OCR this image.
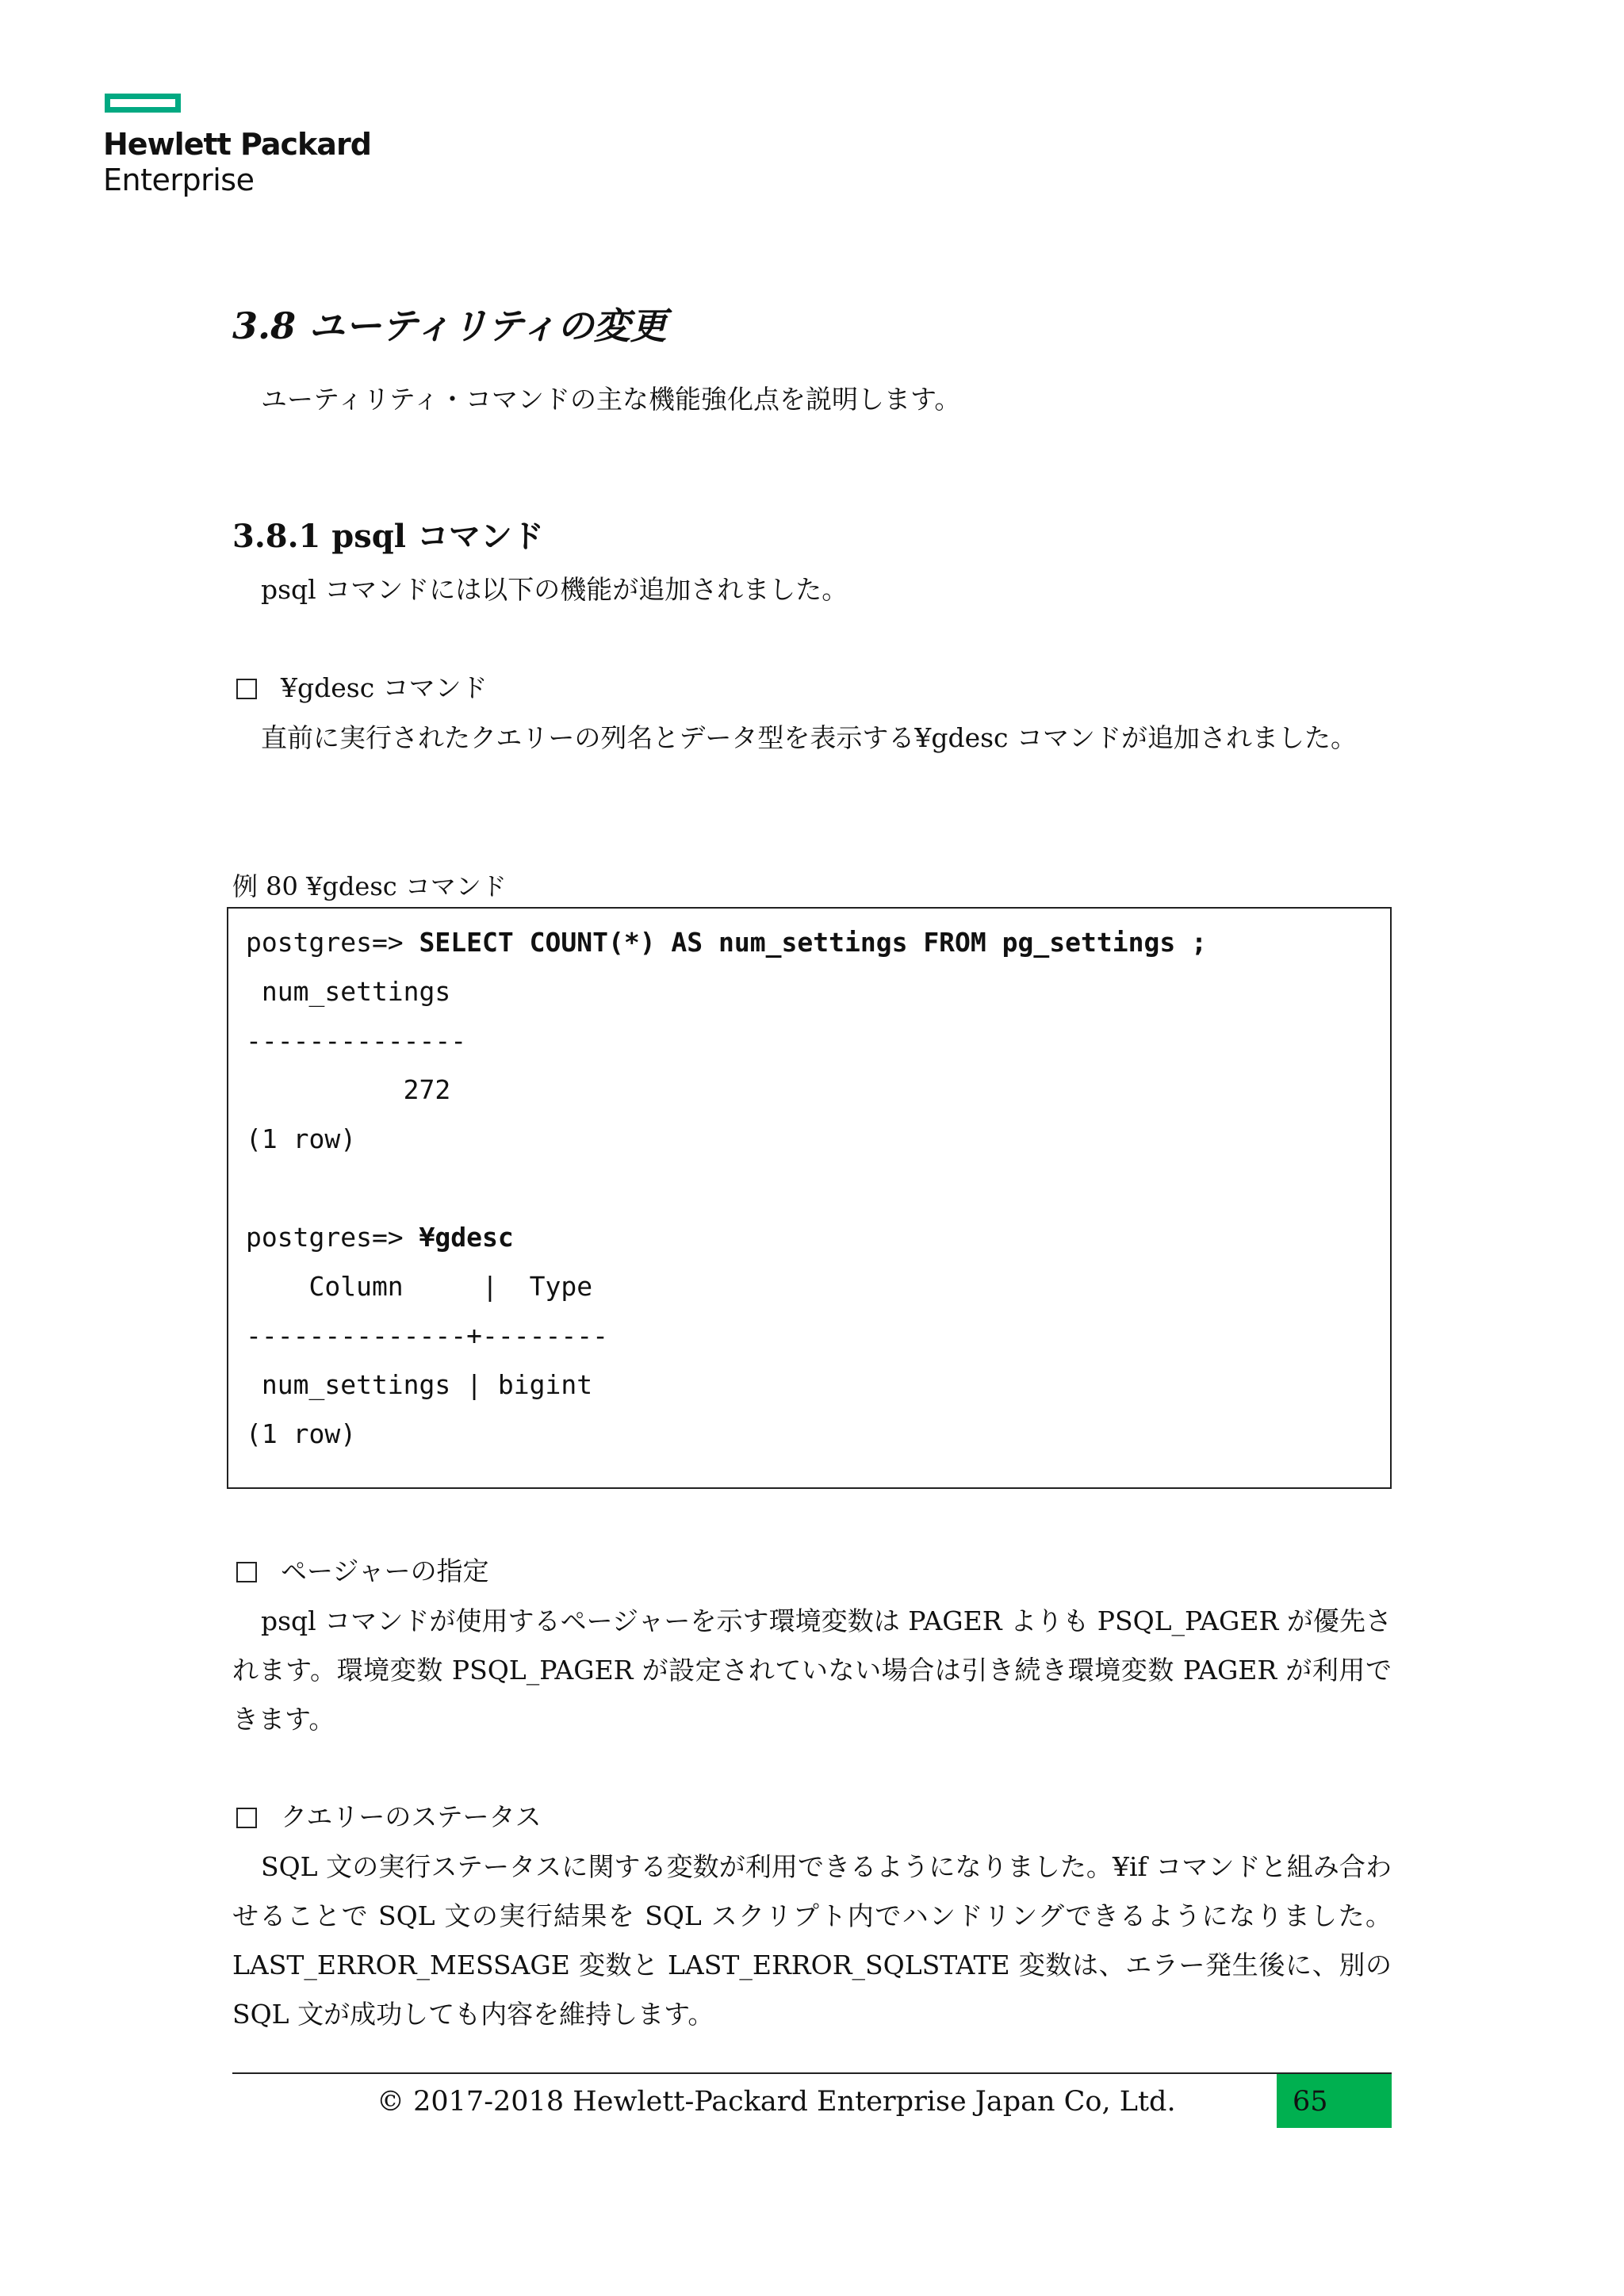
Hewlett Packard
Enterprise
3.8 ユーティリティの変更
ユーティリティ・コマンドの主な機能強化点を説明します。
3.8.1 psql コマンド
psql コマンドには以下の機能が追加されました。
¥gdesc コマンド
直前に実行されたクエリーの列名とデータ型を表示する¥gdesc コマンドが追加されました。
例 80 ¥gdesc コマンド
postgres=> SELECT COUNT(*) AS num_settings FROM pg_settings ;
num_settings
--------------
272
(1 row)
postgres=> ¥gdesc
Column     |  Type
--------------+--------
num_settings | bigint
(1 row)
ページャーの指定
psql コマンドが使用するページャーを示す環境変数は PAGER よりも PSQL_PAGER が優先されます。環境変数 PSQL_PAGER が設定されていない場合は引き続き環境変数 PAGER が利用できます。
クエリーのステータス
SQL 文の実行ステータスに関する変数が利用できるようになりました。¥if コマンドと組み合わせることで SQL 文の実行結果を SQL スクリプト内でハンドリングできるようになりました。LAST_ERROR_MESSAGE 変数と LAST_ERROR_SQLSTATE 変数は、エラー発生後に、別の SQL 文が成功しても内容を維持します。
© 2017-2018 Hewlett-Packard Enterprise Japan Co, Ltd.	65
